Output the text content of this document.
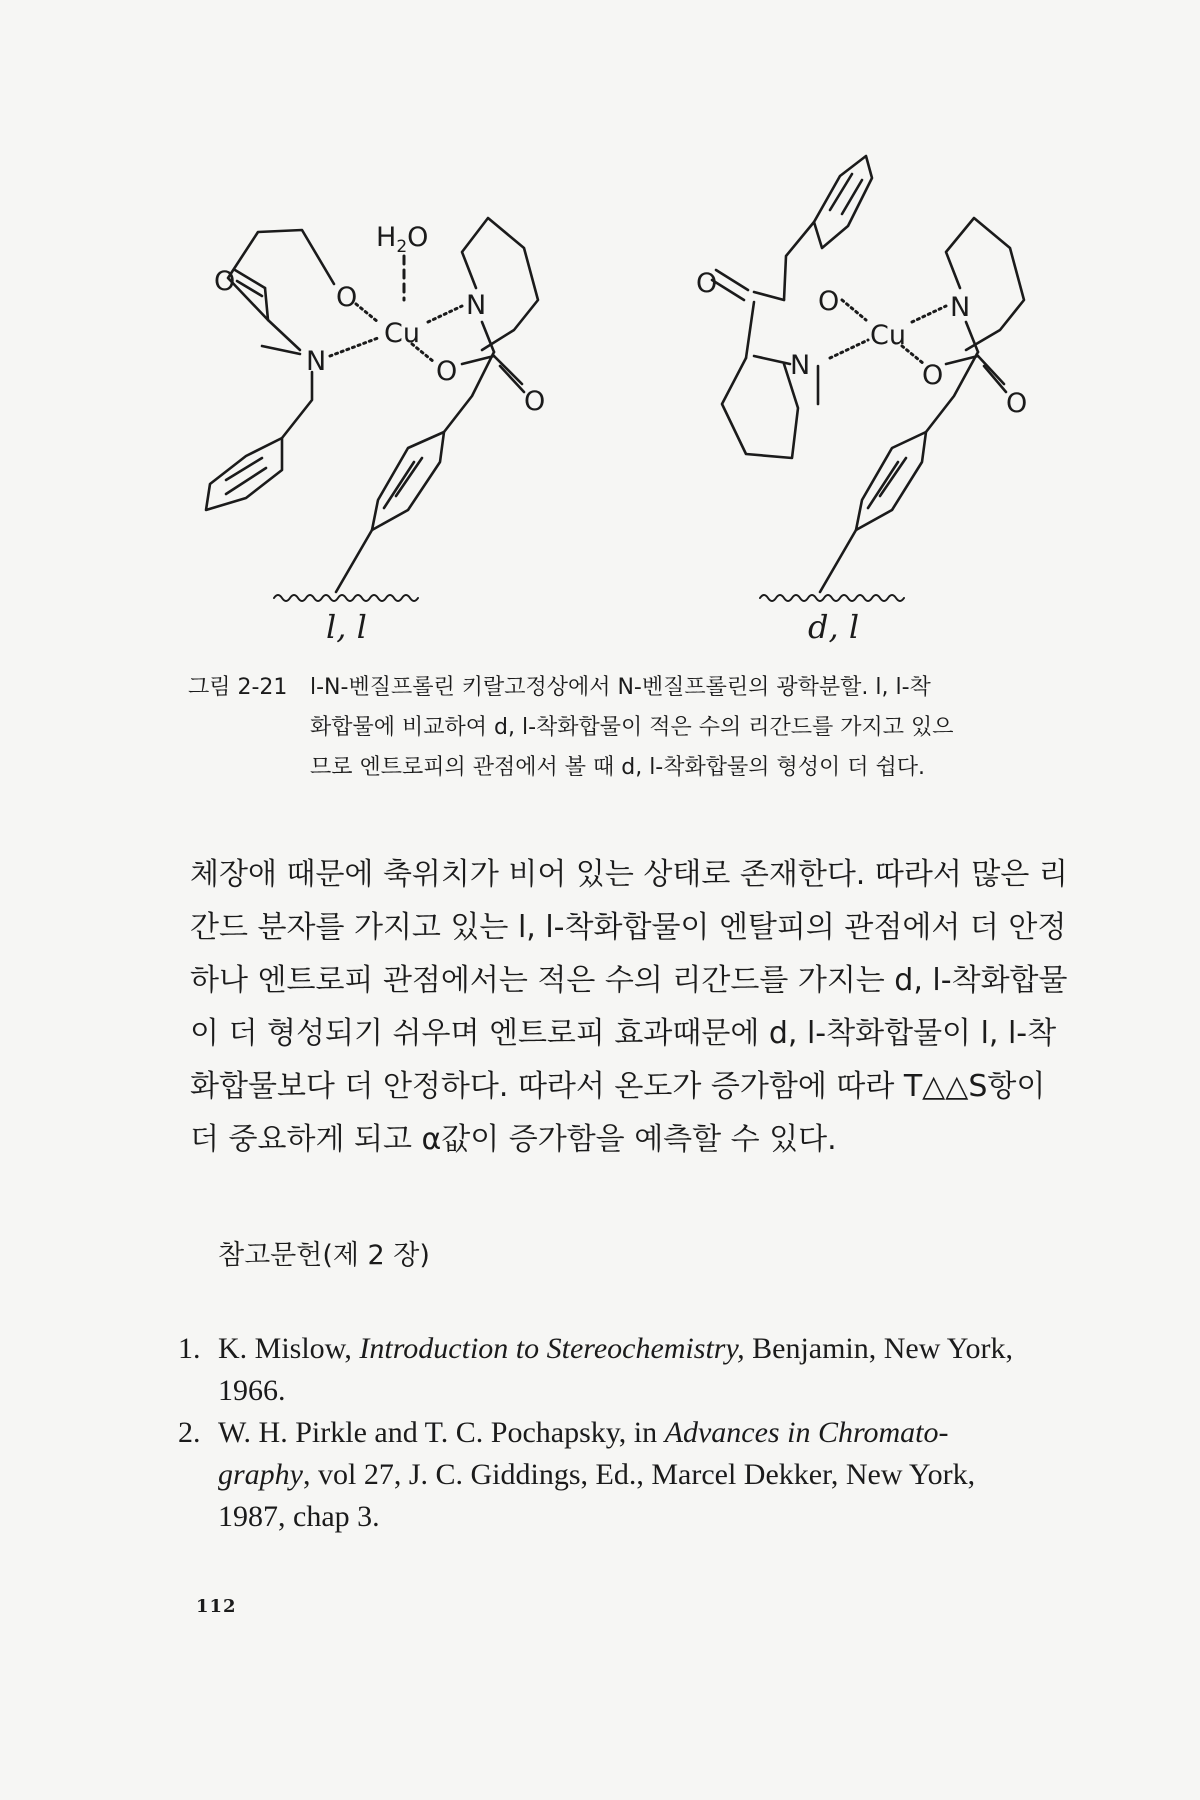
$H_2O$
Cu
N
N
O
O
O
O
l, l
Cu
N
N
O
O
O
O
d, l
그림 2-21 l-N-벤질프롤린 키랄고정상에서 N-벤질프롤린의 광학분할. l, l-착
화합물에 비교하여 d, l-착화합물이 적은 수의 리간드를 가지고 있으
므로 엔트로피의 관점에서 볼 때 d, l-착화합물의 형성이 더 쉽다.
체장애 때문에 축위치가 비어 있는 상태로 존재한다. 따라서 많은 리
간드 분자를 가지고 있는 l, l-착화합물이 엔탈피의 관점에서 더 안정
하나 엔트로피 관점에서는 적은 수의 리간드를 가지는 d, l-착화합물
이 더 형성되기 쉬우며 엔트로피 효과때문에 d, l-착화합물이 l, l-착
화합물보다 더 안정하다. 따라서 온도가 증가함에 따라 T△△S항이
더 중요하게 되고 α값이 증가함을 예측할 수 있다.
참고문헌(제 2 장)
1. K. Mislow, Introduction to Stereochemistry, Benjamin, New York,
1966.
2. W. H. Pirkle and T. C. Pochapsky, in Advances in Chromato-
graphy, vol 27, J. C. Giddings, Ed., Marcel Dekker, New York,
1987, chap 3.
112
